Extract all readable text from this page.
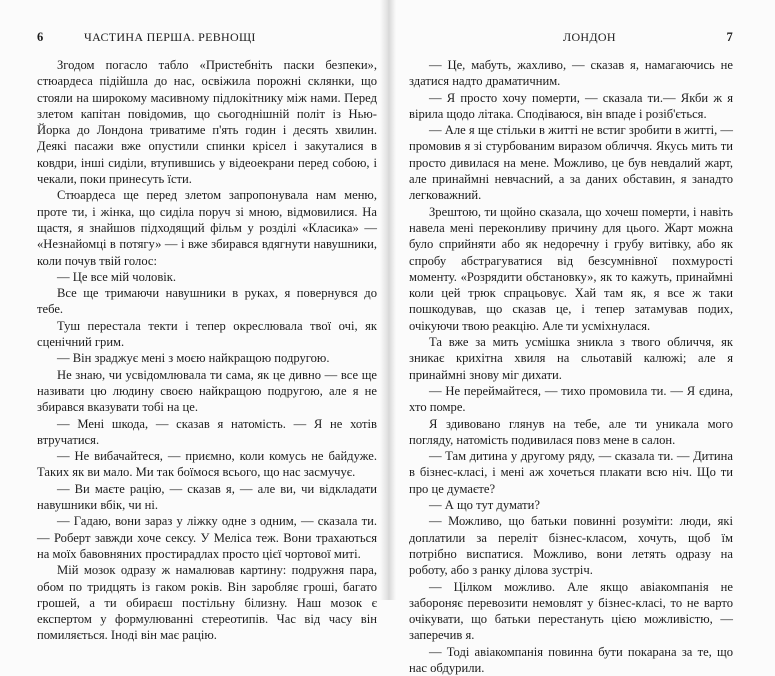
6	ЧАСТИНА ПЕРША. РЕВНОЩІ

Згодом погасло табло «Пристебніть паски безпеки», стюардеса підійшла до нас, освіжила порожні склянки, що стояли на широкому масивному підлокітнику між нами. Перед злетом капітан повідомив, що сьогоднішній політ із Нью-Йорка до Лондона триватиме п'ять годин і десять хвилин. Деякі пасажи вже опустили спинки крісел і закуталися в ковдри, інші сиділи, втупившись у відеоекрани перед собою, і чекали, поки принесуть їсти.

Стюардеса ще перед злетом запропонувала нам меню, проте ти, і жінка, що сиділа поруч зі мною, відмовилися. На щастя, я знайшов підходящий фільм у розділі «Класика» — «Незнайомці в потягу» — і вже збирався вдягнути навушники, коли почув твій голос:

— Це все мій чоловік.

Все ще тримаючи навушники в руках, я повернувся до тебе.

Туш перестала текти і тепер окреслювала твої очі, як сценічний грим.

— Він зраджує мені з моєю найкращою подругою.

Не знаю, чи усвідомлювала ти сама, як це дивно — все ще називати цю людину своєю найкращою подругою, але я не збирався вказувати тобі на це.

— Мені шкода, — сказав я натомість. — Я не хотів втручатися.

— Не вибачайтеся, — приємно, коли комусь не байдуже. Таких як ви мало. Ми так боїмося всього, що нас засмучує.

— Ви маєте рацію, — сказав я, — але ви, чи відкладати навушники вбік, чи ні.

— Гадаю, вони зараз у ліжку одне з одним, — сказала ти. — Роберт завжди хоче сексу. У Меліса теж. Вони трахаються на моїх бавовняних простирадлах просто цієї чортової миті.

Мій мозок одразу ж намалював картину: подружня пара, обом по тридцять із гаком років. Він заробляє гроші, багато грошей, а ти обираєш постільну білизну. Наш мозок є експертом у формулюванні стереотипів. Час від часу він помиляється. Іноді він має рацію.

ЛОНДОН	7

— Це, мабуть, жахливо, — сказав я, намагаючись не здатися надто драматичним.

— Я просто хочу померти, — сказала ти.— Якби ж я вірила щодо літака. Сподіваюся, він впаде і розіб'ється.

— Але я ще стільки в житті не встиг зробити в житті, — промовив я зі стурбованим виразом обличчя. Якусь мить ти просто дивилася на мене. Можливо, це був невдалий жарт, але принаймні невчасний, а за даних обставин, я занадто легковажний.

Зрештою, ти щойно сказала, що хочеш померти, і навіть навела мені переконливу причину для цього. Жарт можна було сприйняти або як недоречну і грубу витівку, або як спробу абстрагуватися від безсумнівної похмурості моменту. «Розрядити обстановку», як то кажуть, принаймні коли цей трюк спрацьовує. Хай там як, я все ж таки пошкодував, що сказав це, і тепер затамував подих, очікуючи твою реакцію. Але ти усміхнулася.

Та вже за мить усмішка зникла з твого обличчя, як зникає крихітна хвиля на сльотавій калюжі; але я принаймні знову міг дихати.

— Не переймайтеся, — тихо промовила ти. — Я єдина, хто помре.

Я здивовано глянув на тебе, але ти уникала мого погляду, натомість подивилася повз мене в салон.

— Там дитина у другому ряду, — сказала ти. — Дитина в бізнес-класі, і мені аж хочеться плакати всю ніч. Що ти про це думаєте?

— А що тут думати?

— Можливо, що батьки повинні розуміти: люди, які доплатили за переліт бізнес-класом, хочуть, щоб їм потрібно виспатися. Можливо, вони летять одразу на роботу, або з ранку ділова зустріч.

— Цілком можливо. Але якщо авіакомпанія не забороняє перевозити немовлят у бізнес-класі, то не варто очікувати, що батьки перестануть цією можливістю, — заперечив я.

— Тоді авіакомпанія повинна бути покарана за те, що нас обдурили.
